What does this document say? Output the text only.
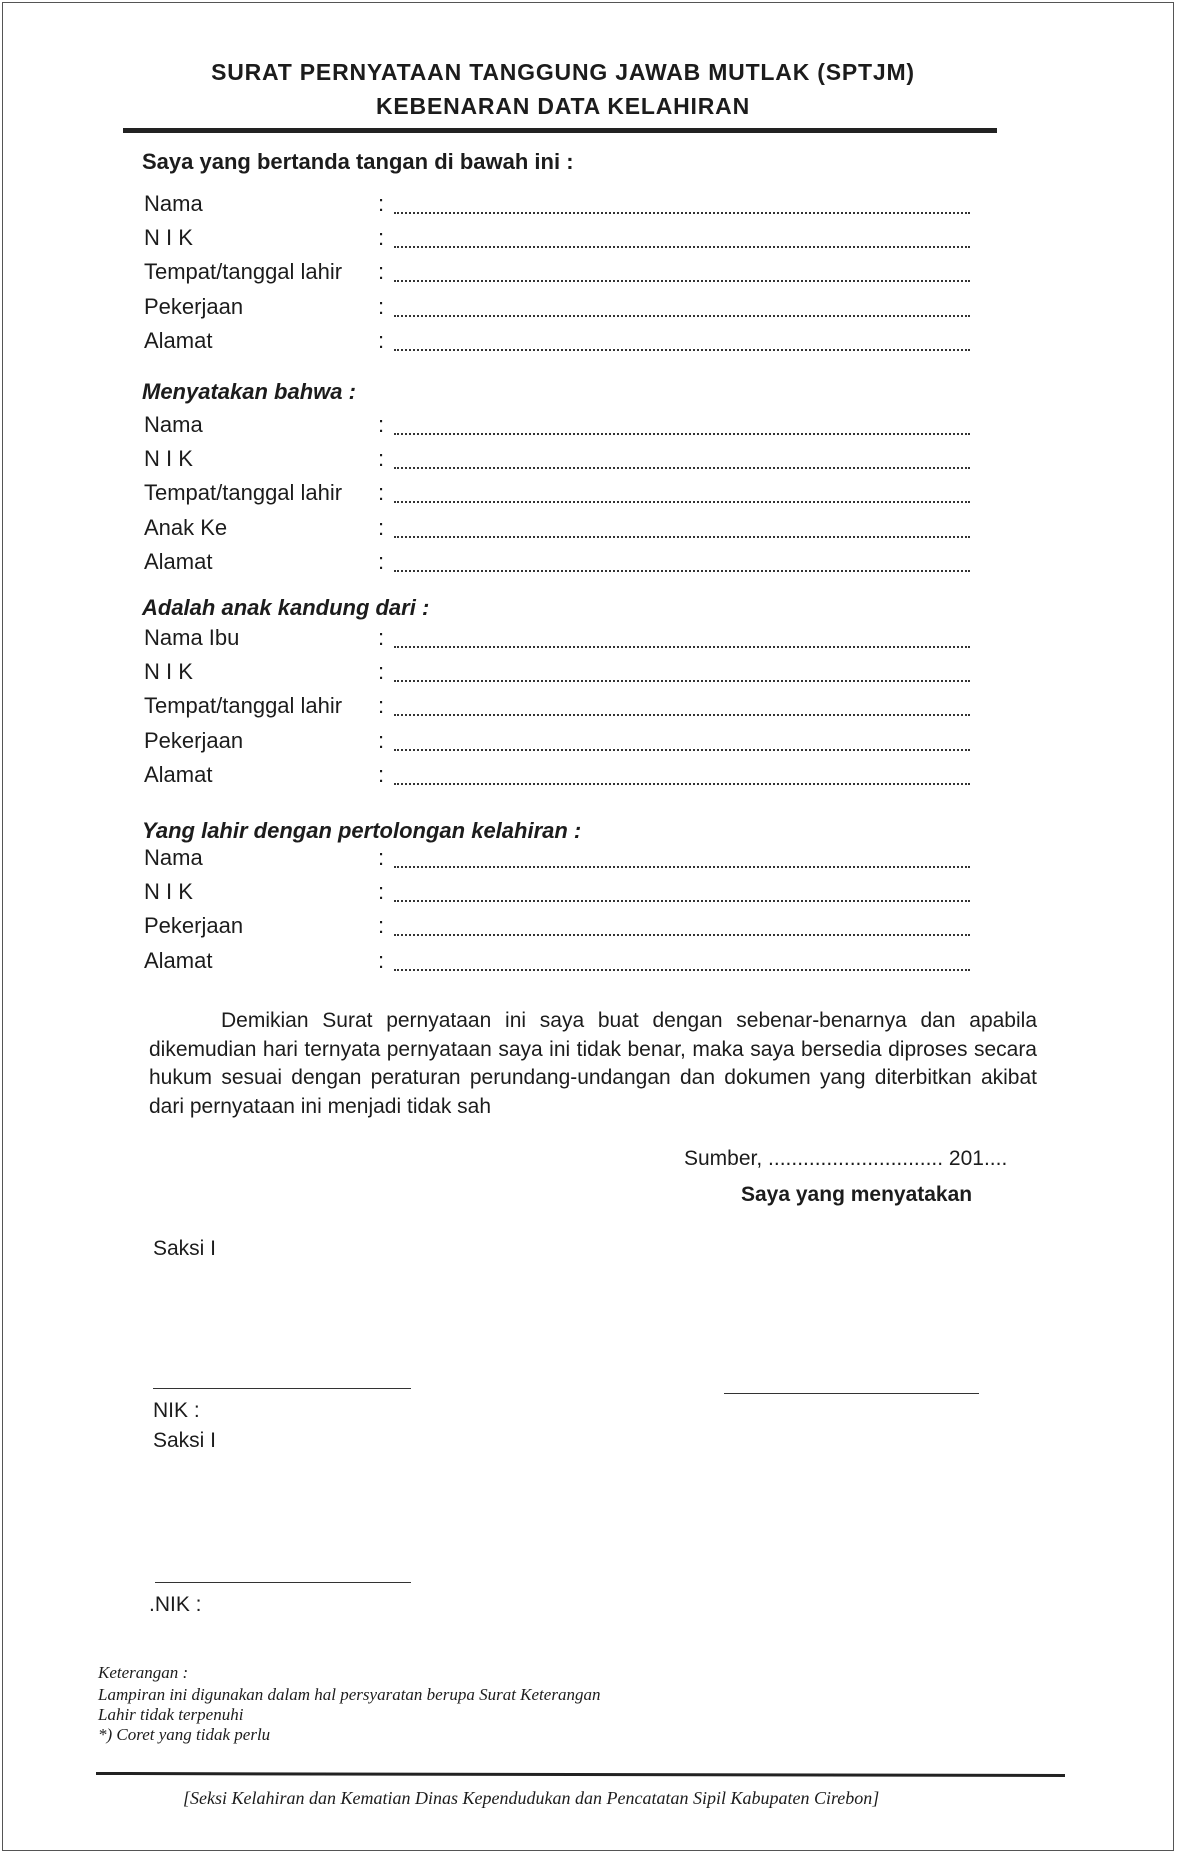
SURAT PERNYATAAN TANGGUNG JAWAB MUTLAK (SPTJM)
KEBENARAN DATA KELAHIRAN
Saya yang bertanda tangan di bawah ini :
Nama	:
N I K	:
Tempat/tanggal lahir :
Pekerjaan	:
Alamat	:
Menyatakan bahwa :
Nama	:
N I K	:
Tempat/tanggal lahir :
Anak Ke	:
Alamat	:
Adalah anak kandung dari :
Nama Ibu	:
N I K	:
Tempat/tanggal lahir :
Pekerjaan	:
Alamat	:
Yang lahir dengan pertolongan kelahiran :
Nama	:
N I K	:
Pekerjaan	:
Alamat	:
Demikian Surat pernyataan ini saya buat dengan sebenar-benarnya dan apabila dikemudian hari ternyata pernyataan saya ini tidak benar, maka saya bersedia diproses secara hukum sesuai dengan peraturan perundang-undangan dan dokumen yang diterbitkan akibat dari pernyataan ini menjadi tidak sah
Sumber, .............................. 201....
Saya yang menyatakan
Saksi I
NIK :
Saksi I
.NIK :
Keterangan :
Lampiran ini digunakan dalam hal persyaratan berupa Surat Keterangan
Lahir tidak terpenuhi
*) Coret yang tidak perlu
[Seksi Kelahiran dan Kematian Dinas Kependudukan dan Pencatatan Sipil Kabupaten Cirebon]
